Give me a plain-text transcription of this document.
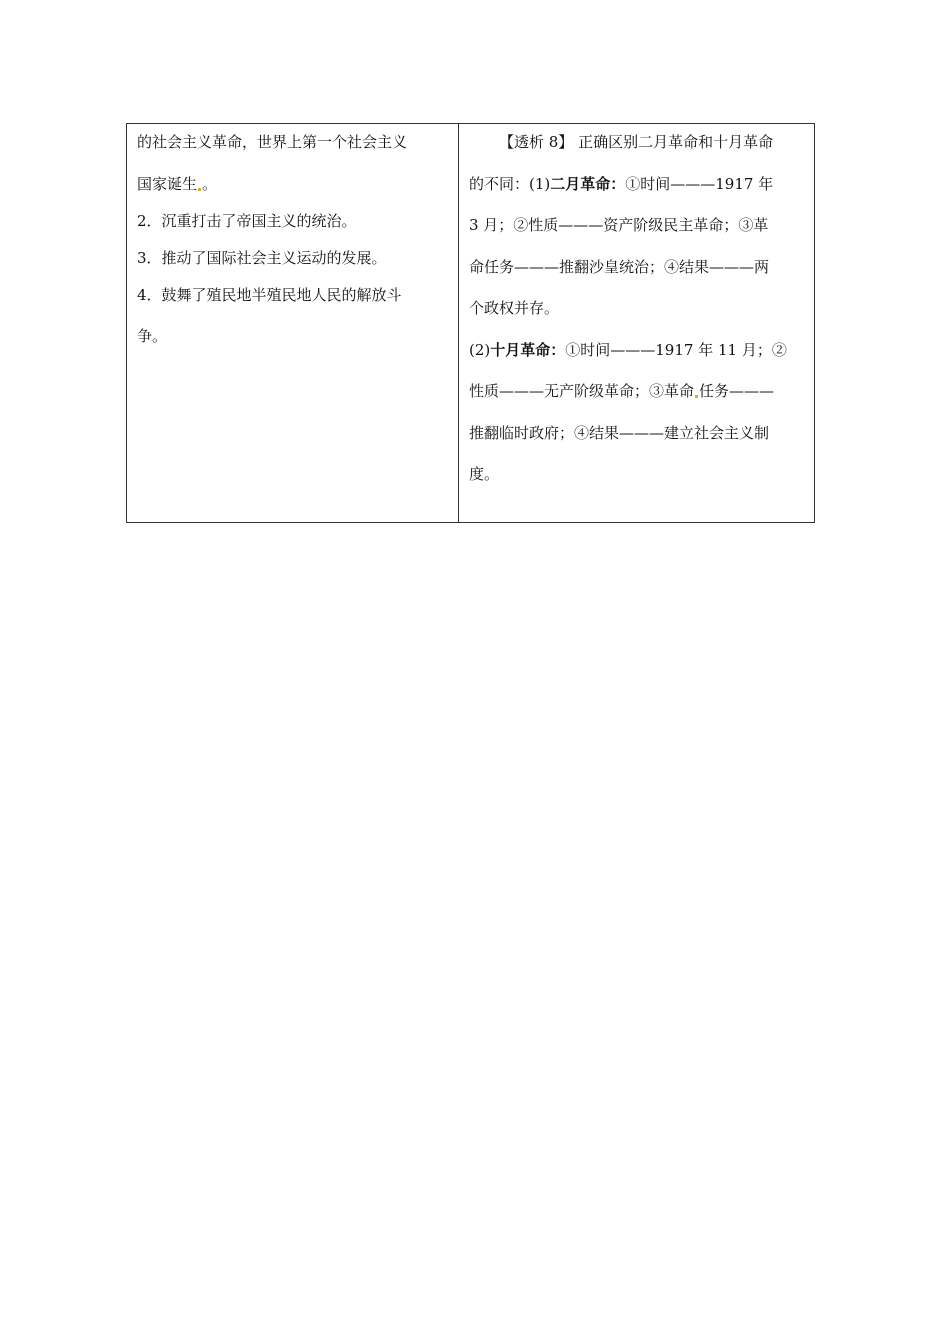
的社会主义革命，世界上第一个社会主义
国家诞生 。
2．沉重打击了帝国主义的统治。
3．推动了国际社会主义运动的发展。
4．鼓舞了殖民地半殖民地人民的解放斗
争。
【透析 8】 正确区别二月革命和十月革命
的不同：(1)二月革命：①时间———1917 年
3 月；②性质———资产阶级民主革命；③革
命任务———推翻沙皇统治；④结果———两
个政权并存。
(2)十月革命：①时间———1917 年 11 月；②
性质———无产阶级革命；③革命 任务———
推翻临时政府；④结果———建立社会主义制
度。
